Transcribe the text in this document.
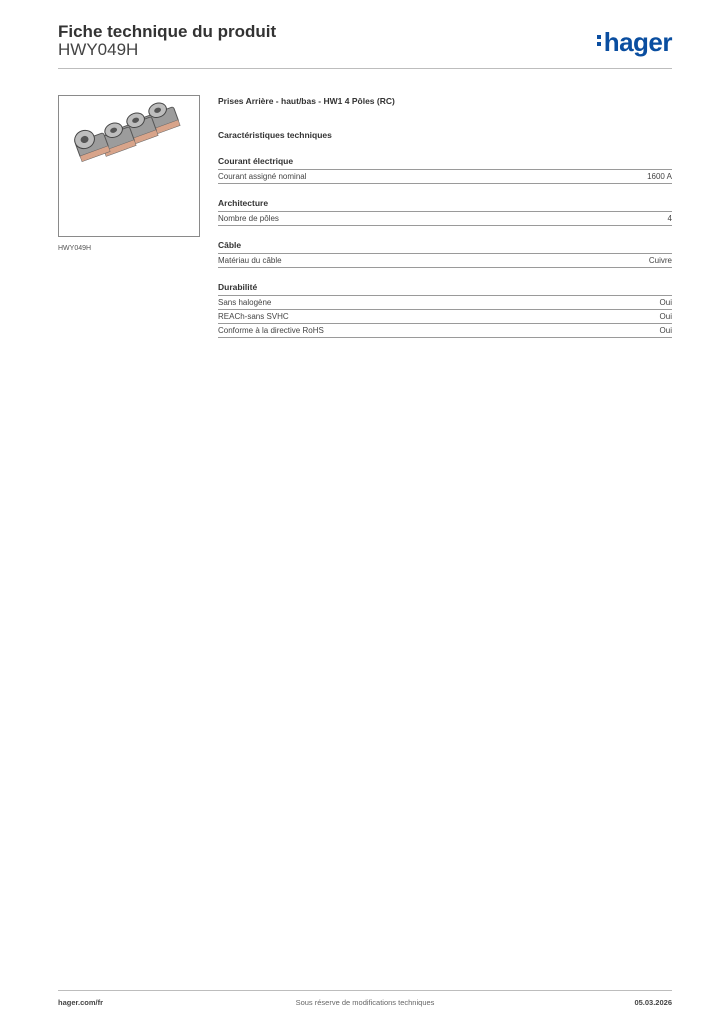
Fiche technique du produit
HWY049H	hager
HWY049H
Prises Arrière - haut/bas - HW1 4 Pôles (RC)
Caractéristiques techniques
Courant électrique
Courant assigné nominal	1600 A
Architecture
Nombre de pôles	4
Câble
Matériau du câble	Cuivre
Durabilité
Sans halogène	Oui
REACh-sans SVHC	Oui
Conforme à la directive RoHS	Oui
hager.com/fr	Sous réserve de modifications techniques	05.03.2026
